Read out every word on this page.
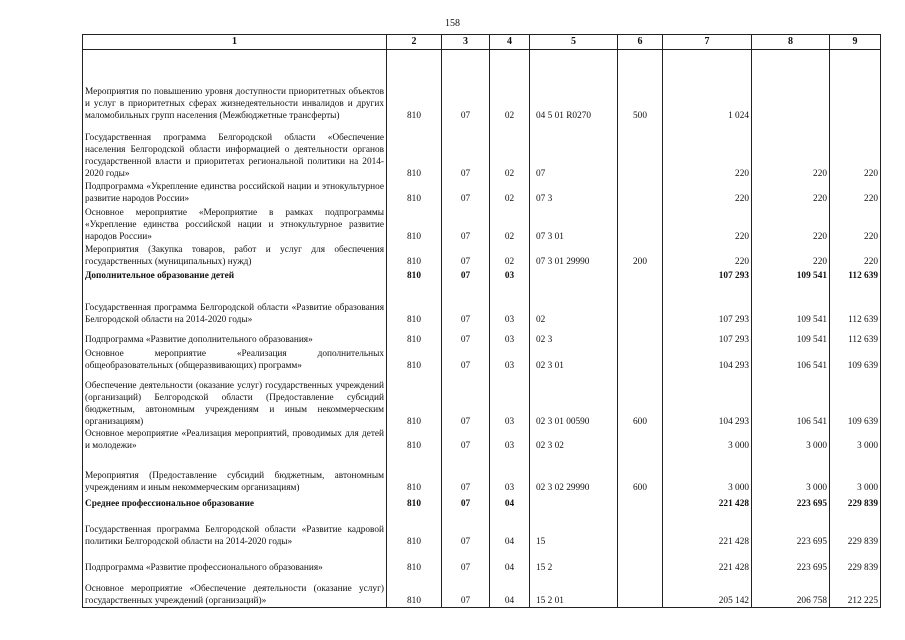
158
1	2	3	4	5	6	7	8	9
Мероприятия по повышению уровня доступности приоритетных объектов и услуг в приоритетных сферах жизнедеятельности инвалидов и других маломобильных групп населения (Межбюджетные трансферты)	810	07	02	04 5 01 R0270	500	1 024		
Государственная программа Белгородской области «Обеспечение населения Белгородской области информацией о деятельности органов государственной власти и приоритетах региональной политики на 2014-2020 годы»	810	07	02	07		220	220	220
Подпрограмма «Укрепление единства российской нации и этнокультурное развитие народов России»	810	07	02	07 3		220	220	220
Основное мероприятие «Мероприятие в рамках подпрограммы «Укрепление единства российской нации и этнокультурное развитие народов России»	810	07	02	07 3 01		220	220	220
Мероприятия (Закупка товаров, работ и услуг для обеспечения государственных (муниципальных) нужд)	810	07	02	07 3 01 29990	200	220	220	220
Дополнительное образование детей	810	07	03			107 293	109 541	112 639
Государственная программа Белгородской области «Развитие образования Белгородской области на 2014-2020 годы»	810	07	03	02		107 293	109 541	112 639
Подпрограмма «Развитие дополнительного образования»	810	07	03	02 3		107 293	109 541	112 639
Основное мероприятие «Реализация дополнительных общеобразовательных (общеразвивающих) программ»	810	07	03	02 3 01		104 293	106 541	109 639
Обеспечение деятельности (оказание услуг) государственных учреждений (организаций) Белгородской области (Предоставление субсидий бюджетным, автономным учреждениям и иным некоммерческим организациям)	810	07	03	02 3 01 00590	600	104 293	106 541	109 639
Основное мероприятие «Реализация мероприятий, проводимых для детей и молодежи»	810	07	03	02 3 02		3 000	3 000	3 000
Мероприятия (Предоставление субсидий бюджетным, автономным учреждениям и иным некоммерческим организациям)	810	07	03	02 3 02 29990	600	3 000	3 000	3 000
Среднее профессиональное образование	810	07	04			221 428	223 695	229 839
Государственная программа Белгородской области «Развитие кадровой политики Белгородской области на 2014-2020 годы»	810	07	04	15		221 428	223 695	229 839
Подпрограмма «Развитие профессионального образования»	810	07	04	15 2		221 428	223 695	229 839
Основное мероприятие «Обеспечение деятельности (оказание услуг) государственных учреждений (организаций)»	810	07	04	15 2 01		205 142	206 758	212 225
